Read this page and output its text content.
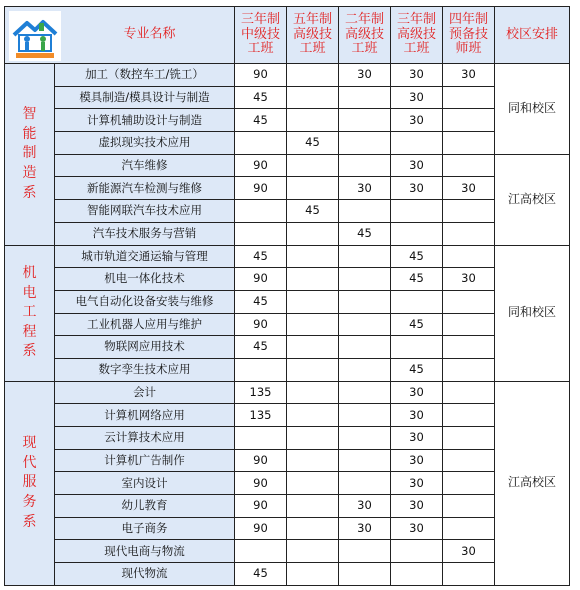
专业名称		三年制中级技工班	五年制高级技工班	二年制高级技工班	三年制高级技工班	四年制预备技师班	校区安排
智能制造系	加工（数控车工/铣工）	90		30	30	30	同和校区
	模具制造/模具设计与制造	45			30		
	计算机辅助设计与制造	45			30		
	虚拟现实技术应用		45				
	汽车维修	90			30		江高校区
	新能源汽车检测与维修	90		30	30	30	
	智能网联汽车技术应用		45				
	汽车技术服务与营销			45			
机电工程系	城市轨道交通运输与管理	45			45		同和校区
	机电一体化技术	90			45	30	
	电气自动化设备安装与维修	45					
	工业机器人应用与维护	90			45		
	物联网应用技术	45					
	数字孪生技术应用				45		
现代服务系	会计	135			30		江高校区
	计算机网络应用	135			30		
	云计算技术应用				30		
	计算机广告制作	90			30		
	室内设计	90			30		
	幼儿教育	90		30	30		
	电子商务	90		30	30		
	现代电商与物流					30	
	现代物流	45					
